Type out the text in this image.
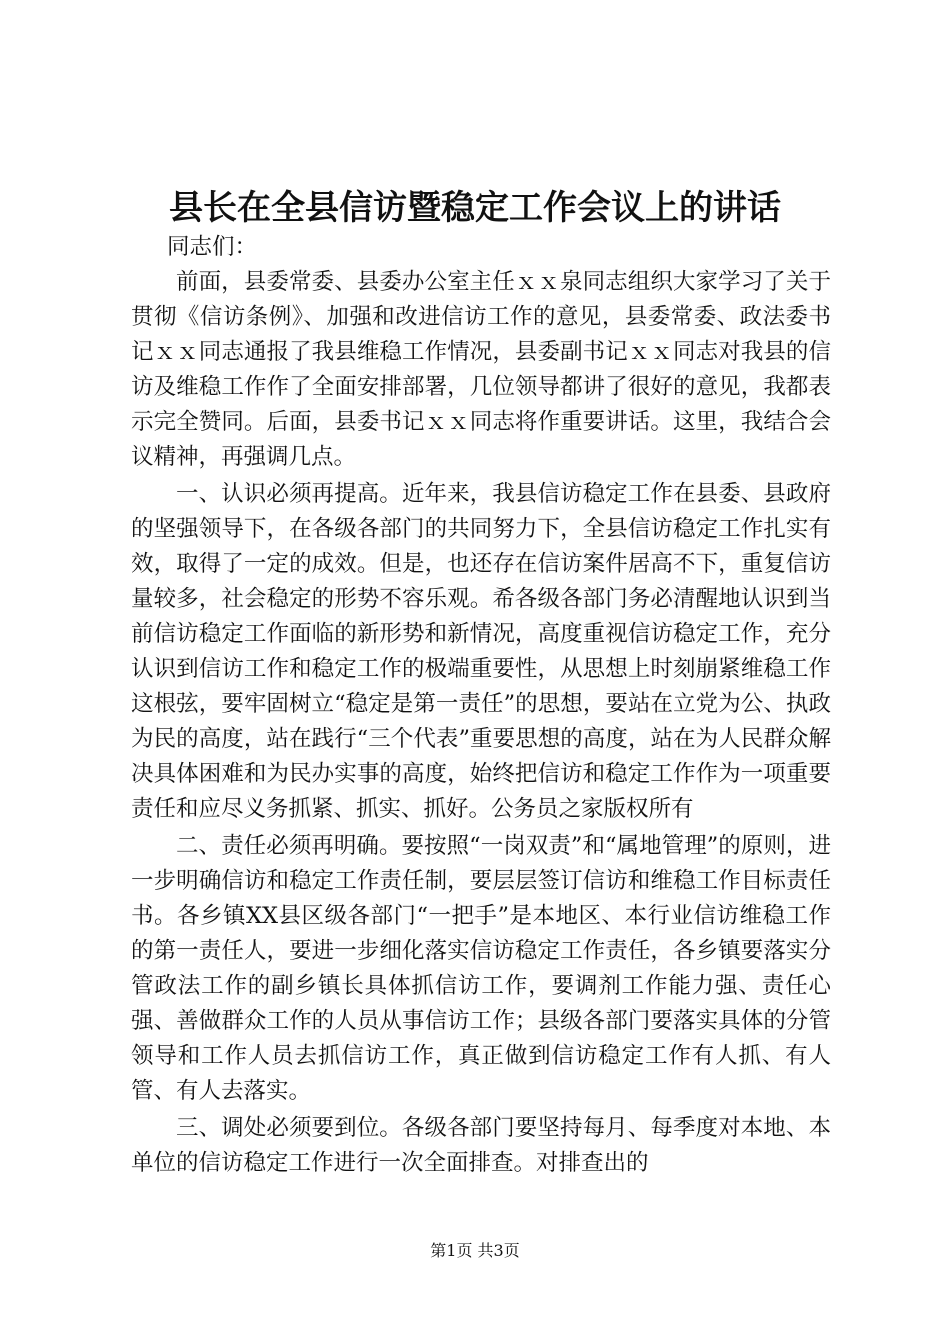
县长在全县信访暨稳定工作会议上的讲话

同志们：

前面，县委常委、县委办公室主任ｘｘ泉同志组织大家学习了关于贯彻《信访条例》、加强和改进信访工作的意见，县委常委、政法委书记ｘｘ同志通报了我县维稳工作情况，县委副书记ｘｘ同志对我县的信访及维稳工作作了全面安排部署，几位领导都讲了很好的意见，我都表示完全赞同。后面，县委书记ｘｘ同志将作重要讲话。这里，我结合会议精神，再强调几点。

一、认识必须再提高。近年来，我县信访稳定工作在县委、县政府的坚强领导下，在各级各部门的共同努力下，全县信访稳定工作扎实有效，取得了一定的成效。但是，也还存在信访案件居高不下，重复信访量较多，社会稳定的形势不容乐观。希各级各部门务必清醒地认识到当前信访稳定工作面临的新形势和新情况，高度重视信访稳定工作，充分认识到信访工作和稳定工作的极端重要性，从思想上时刻崩紧维稳工作这根弦，要牢固树立“稳定是第一责任”的思想，要站在立党为公、执政为民的高度，站在践行“三个代表”重要思想的高度，站在为人民群众解决具体困难和为民办实事的高度，始终把信访和稳定工作作为一项重要责任和应尽义务抓紧、抓实、抓好。公务员之家版权所有

二、责任必须再明确。要按照“一岗双责”和“属地管理”的原则，进一步明确信访和稳定工作责任制，要层层签订信访和维稳工作目标责任书。各乡镇XX县区级各部门“一把手”是本地区、本行业信访维稳工作的第一责任人，要进一步细化落实信访稳定工作责任，各乡镇要落实分管政法工作的副乡镇长具体抓信访工作，要调剂工作能力强、责任心强、善做群众工作的人员从事信访工作；县级各部门要落实具体的分管领导和工作人员去抓信访工作，真正做到信访稳定工作有人抓、有人管、有人去落实。

三、调处必须要到位。各级各部门要坚持每月、每季度对本地、本单位的信访稳定工作进行一次全面排查。对排查出的

第1页 共3页
